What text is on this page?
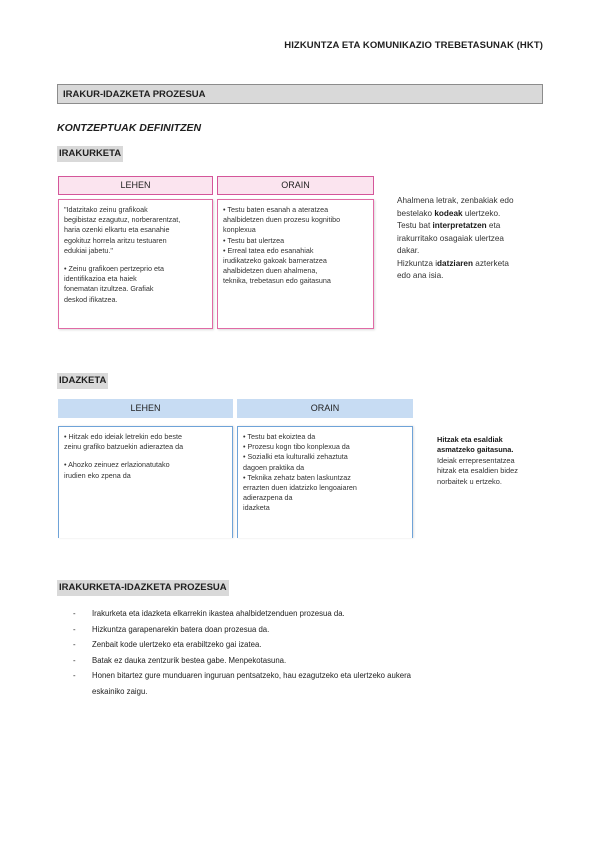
HIZKUNTZA ETA KOMUNIKAZIO TREBETASUNAK (HKT)
IRAKUR-IDAZKETA PROZESUA
KONTZEPTUAK DEFINITZEN
IRAKURKETA
LEHEN	ORAIN

"Idatzitako zeinu grafikoak
begibistaz ezagutuz, norberarentzat,
haria ozenki elkartu eta esanahie
egokituz horrela aritzu testuaren
edukiai jabetu."

• Zeinu grafikoen pertzeprio eta
identifikazioa eta haiek
fonematan itzultzea. Grafiak
deskod ifikatzea.

• Testu baten esanah a ateratzea
ahalbidetzen duen prozesu kognitibo
konplexua
• Testu bat ulertzea
• Erreal tatea edo esanahiak
irudikatzeko gakoak barneratzea
ahalbidetzen duen ahalmena,
teknika, trebetasun edo gaitasuna

Ahalmena letrak, zenbakiak edo
bestelako kodeak ulertzeko.
Testu bat interpretatzen eta
irakurritako osagaiak ulertzea
dakar.
Hizkuntza idatziaren azterketa
edo ana isia.
IDAZKETA
LEHEN	ORAIN

• Hitzak edo ideiak letrekin edo beste
zeinu grafiko batzuekin adieraztea da

• Ahozko zeinuez erlazionatutako
irudien eko zpena da

• Testu bat ekoiztea da
• Prozesu kogn tibo konplexua da
• Sozialki eta kulturalki zehaztuta
dagoen praktika da
• Teknika zehatz baten laskuntzaz
errazten duen idatzizko lengoaiaren
adierazpena da
idazketa

Hitzak eta esaldiak
asmatzeko gaitasuna.
Ideiak errepresentatzea
hitzak eta esaldien bidez
norbaitek u ertzeko.
IRAKURKETA-IDAZKETA PROZESUA
- Irakurketa eta idazketa elkarrekin ikastea ahalbidetzenduen prozesua da.
- Hizkuntza garapenarekin batera doan prozesua da.
- Zenbait kode ulertzeko eta erabiltzeko gai izatea.
- Batak ez dauka zentzurik bestea gabe. Menpekotasuna.
- Honen bitartez gure munduaren inguruan pentsatzeko, hau ezagutzeko eta ulertzeko aukera
eskainiko zaigu.
